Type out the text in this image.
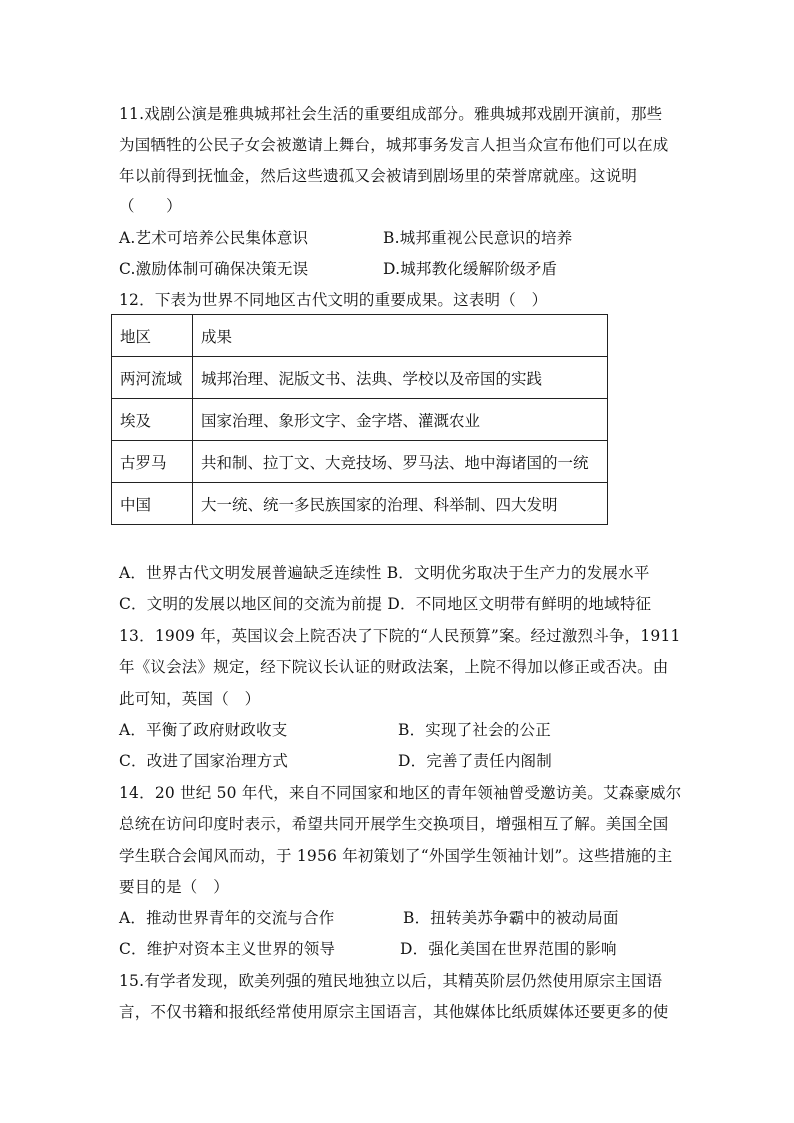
11.戏剧公演是雅典城邦社会生活的重要组成部分。雅典城邦戏剧开演前，那些
为国牺牲的公民子女会被邀请上舞台，城邦事务发言人担当众宣布他们可以在成
年以前得到抚恤金，然后这些遗孤又会被请到剧场里的荣誉席就座。这说明
（　　）
A.艺术可培养公民集体意识	B.城邦重视公民意识的培养
C.激励体制可确保决策无误	D.城邦教化缓解阶级矛盾
12．下表为世界不同地区古代文明的重要成果。这表明（　）
地区	成果
两河流域	城邦治理、泥版文书、法典、学校以及帝国的实践
埃及	国家治理、象形文字、金字塔、灌溉农业
古罗马	共和制、拉丁文、大竞技场、罗马法、地中海诸国的一统
中国	大一统、统一多民族国家的治理、科举制、四大发明
A．世界古代文明发展普遍缺乏连续性 B．文明优劣取决于生产力的发展水平
C．文明的发展以地区间的交流为前提 D．不同地区文明带有鲜明的地域特征
13．1909 年，英国议会上院否决了下院的“人民预算”案。经过激烈斗争，1911
年《议会法》规定，经下院议长认证的财政法案，上院不得加以修正或否决。由
此可知，英国（　）
A．平衡了政府财政收支	B．实现了社会的公正
C．改进了国家治理方式	D．完善了责任内阁制
14．20 世纪 50 年代，来自不同国家和地区的青年领袖曾受邀访美。艾森豪威尔
总统在访问印度时表示，希望共同开展学生交换项目，增强相互了解。美国全国
学生联合会闻风而动，于 1956 年初策划了“外国学生领袖计划”。这些措施的主
要目的是（　）
A．推动世界青年的交流与合作	B．扭转美苏争霸中的被动局面
C．维护对资本主义世界的领导	D．强化美国在世界范围的影响
15.有学者发现，欧美列强的殖民地独立以后，其精英阶层仍然使用原宗主国语
言，不仅书籍和报纸经常使用原宗主国语言，其他媒体比纸质媒体还要更多的使
